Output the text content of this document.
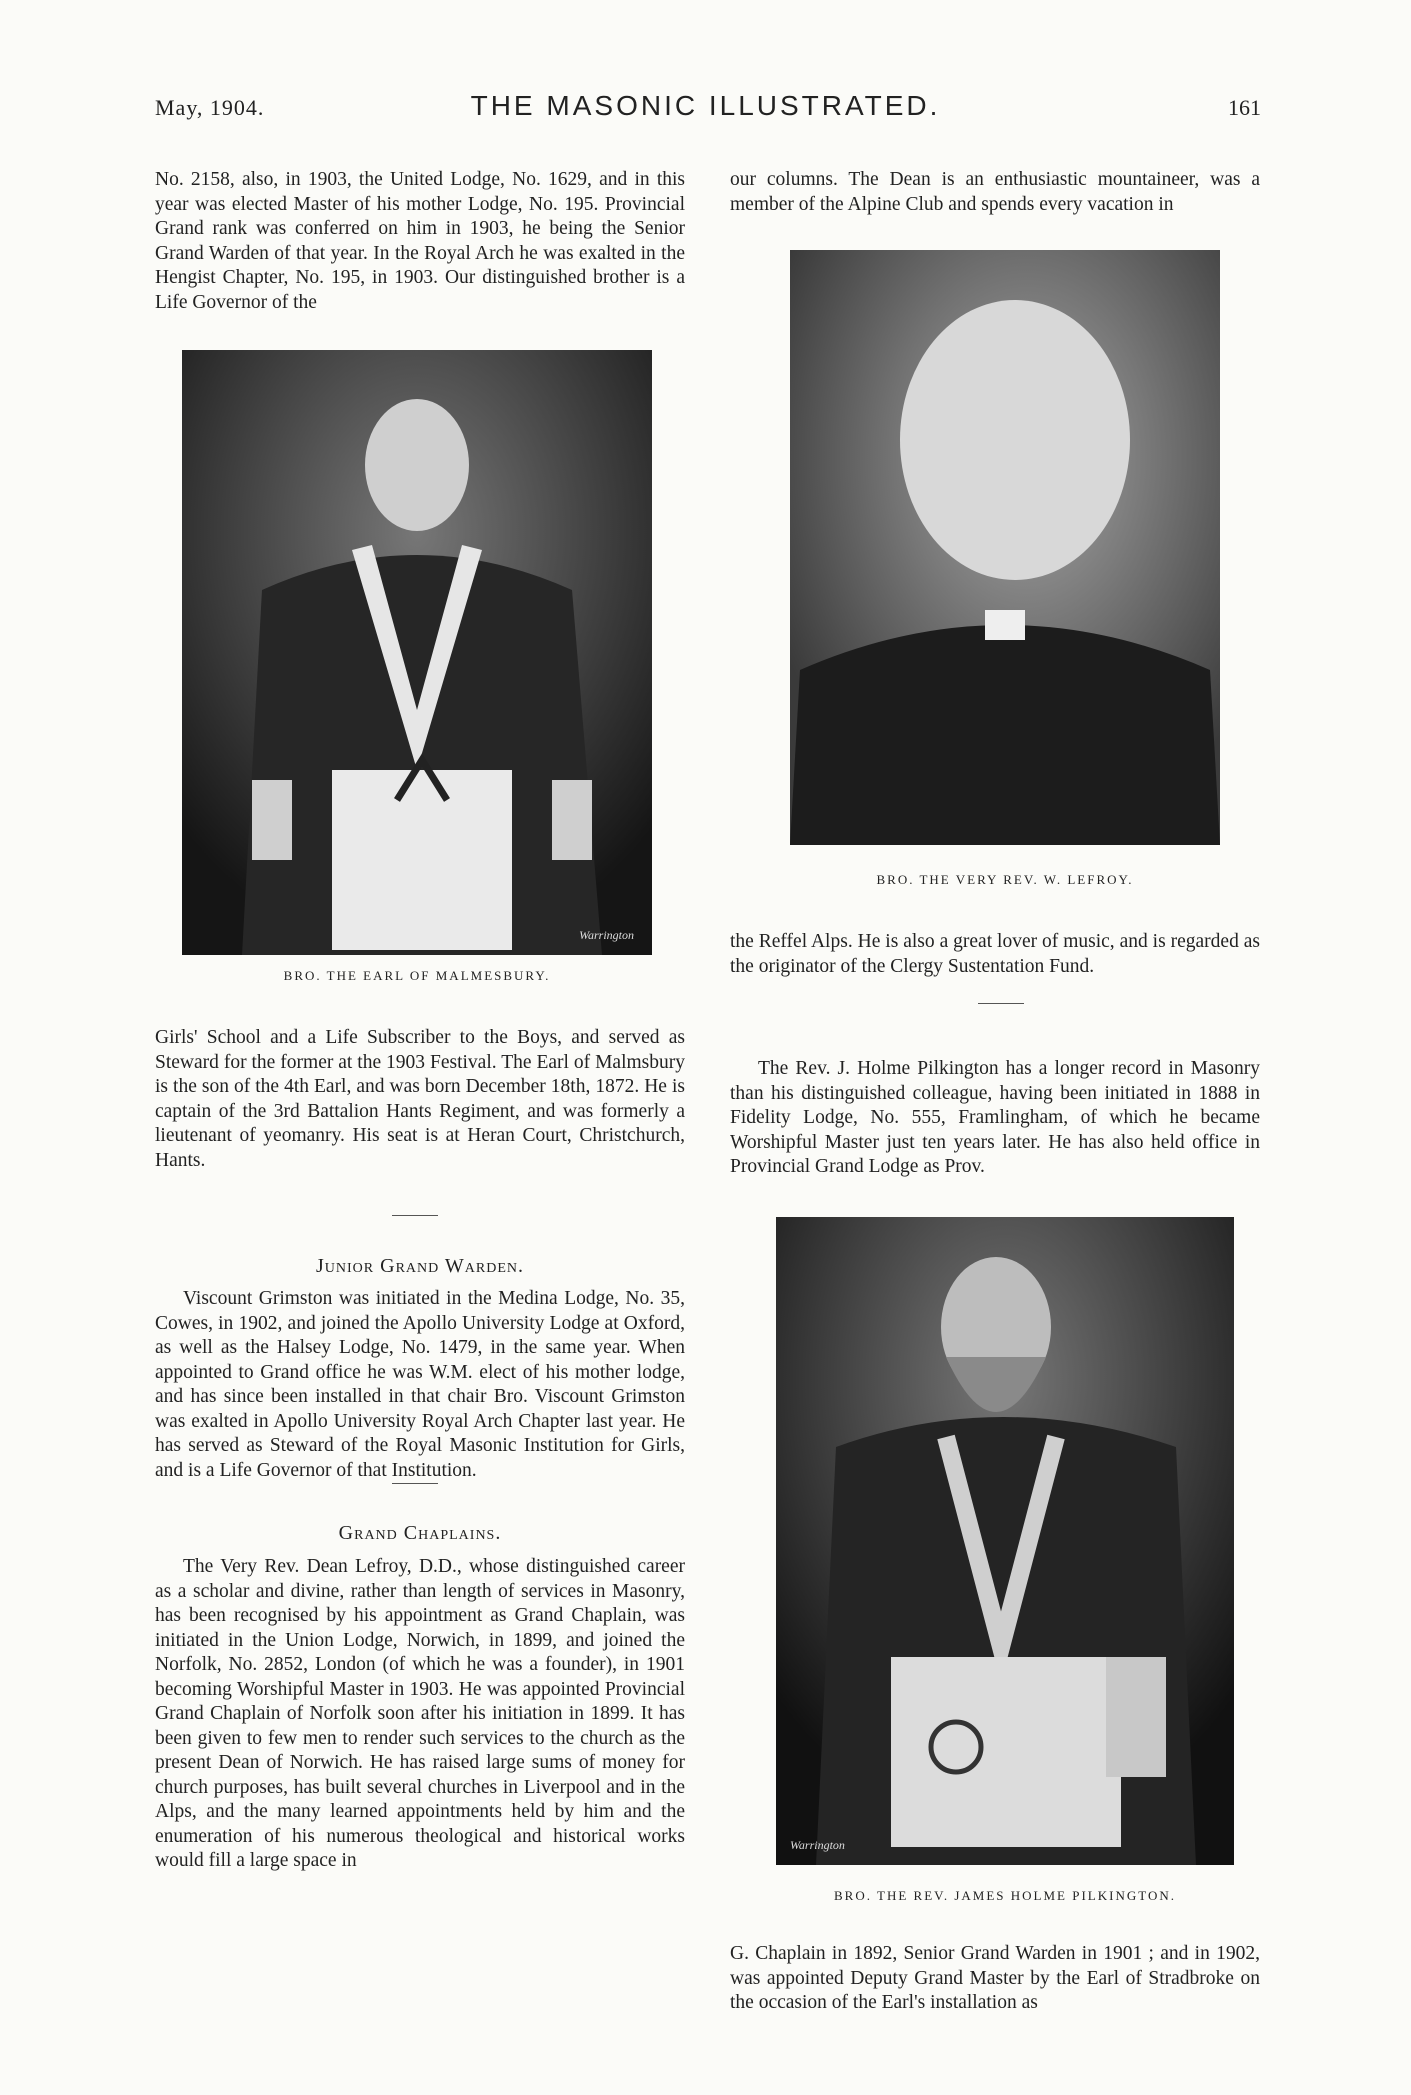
May, 1904.	THE MASONIC ILLUSTRATED.	161
No. 2158, also, in 1903, the United Lodge, No. 1629, and in this year was elected Master of his mother Lodge, No. 195. Provincial Grand rank was conferred on him in 1903, he being the Senior Grand Warden of that year. In the Royal Arch he was exalted in the Hengist Chapter, No. 195, in 1903. Our distinguished brother is a Life Governor of the
Warrington
BRO. THE EARL OF MALMESBURY.
Girls' School and a Life Subscriber to the Boys, and served as Steward for the former at the 1903 Festival. The Earl of Malmsbury is the son of the 4th Earl, and was born December 18th, 1872. He is captain of the 3rd Battalion Hants Regiment, and was formerly a lieutenant of yeomanry. His seat is at Heran Court, Christchurch, Hants.
Junior Grand Warden.
Viscount Grimston was initiated in the Medina Lodge, No. 35, Cowes, in 1902, and joined the Apollo University Lodge at Oxford, as well as the Halsey Lodge, No. 1479, in the same year. When appointed to Grand office he was W.M. elect of his mother lodge, and has since been installed in that chair Bro. Viscount Grimston was exalted in Apollo University Royal Arch Chapter last year. He has served as Steward of the Royal Masonic Institution for Girls, and is a Life Governor of that Institution.
Grand Chaplains.
The Very Rev. Dean Lefroy, D.D., whose distinguished career as a scholar and divine, rather than length of services in Masonry, has been recognised by his appointment as Grand Chaplain, was initiated in the Union Lodge, Norwich, in 1899, and joined the Norfolk, No. 2852, London (of which he was a founder), in 1901 becoming Worshipful Master in 1903. He was appointed Provincial Grand Chaplain of Norfolk soon after his initiation in 1899. It has been given to few men to render such services to the church as the present Dean of Norwich. He has raised large sums of money for church purposes, has built several churches in Liverpool and in the Alps, and the many learned appointments held by him and the enumeration of his numerous theological and historical works would fill a large space in
our columns. The Dean is an enthusiastic mountaineer, was a member of the Alpine Club and spends every vacation in
BRO. THE VERY REV. W. LEFROY.
the Reffel Alps. He is also a great lover of music, and is regarded as the originator of the Clergy Sustentation Fund.
The Rev. J. Holme Pilkington has a longer record in Masonry than his distinguished colleague, having been initiated in 1888 in Fidelity Lodge, No. 555, Framlingham, of which he became Worshipful Master just ten years later. He has also held office in Provincial Grand Lodge as Prov.
Warrington
BRO. THE REV. JAMES HOLME PILKINGTON.
G. Chaplain in 1892, Senior Grand Warden in 1901 ; and in 1902, was appointed Deputy Grand Master by the Earl of Stradbroke on the occasion of the Earl's installation as
